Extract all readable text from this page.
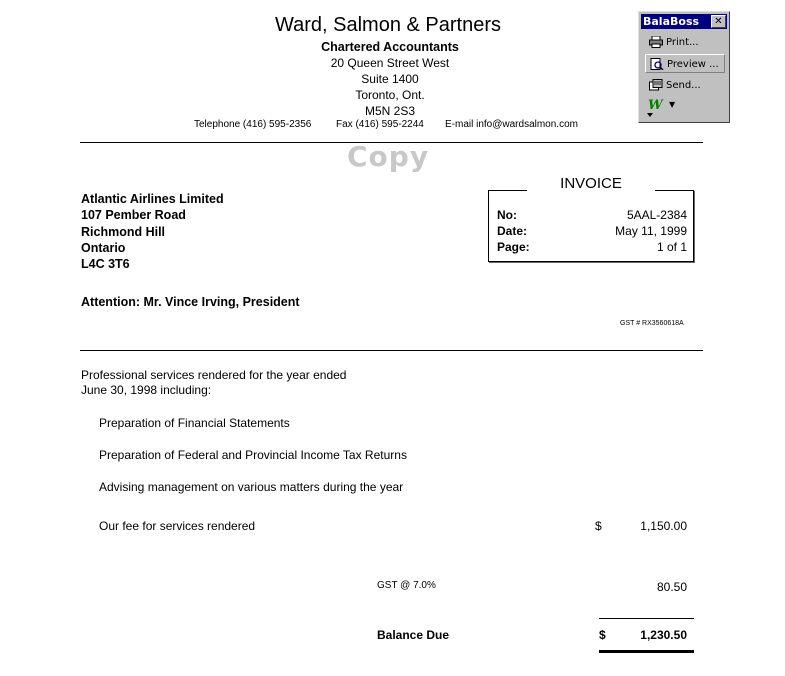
Ward, Salmon & Partners
Chartered Accountants
20 Queen Street West
Suite 1400
Toronto, Ont.
M5N 2S3
Telephone (416) 595-2356 Fax (416) 595-2244 E-mail info@wardsalmon.com
Copy
Atlantic Airlines Limited
107 Pember Road
Richmond Hill
Ontario
L4C 3T6
No:	5AAL-2384
Date:	May 11, 1999
Page:	1 of 1
INVOICE
Attention: Mr. Vince Irving, President
GST # RX3560618A
Professional services rendered for the year ended
June 30, 1998 including:
Preparation of Financial Statements
Preparation of Federal and Provincial Income Tax Returns
Advising management on various matters during the year
Our fee for services rendered	$	1,150.00
GST @ 7.0%	80.50
Balance Due	$	1,230.50
BalaBoss	✕
Print...
Preview ...
Send...
W ▼
